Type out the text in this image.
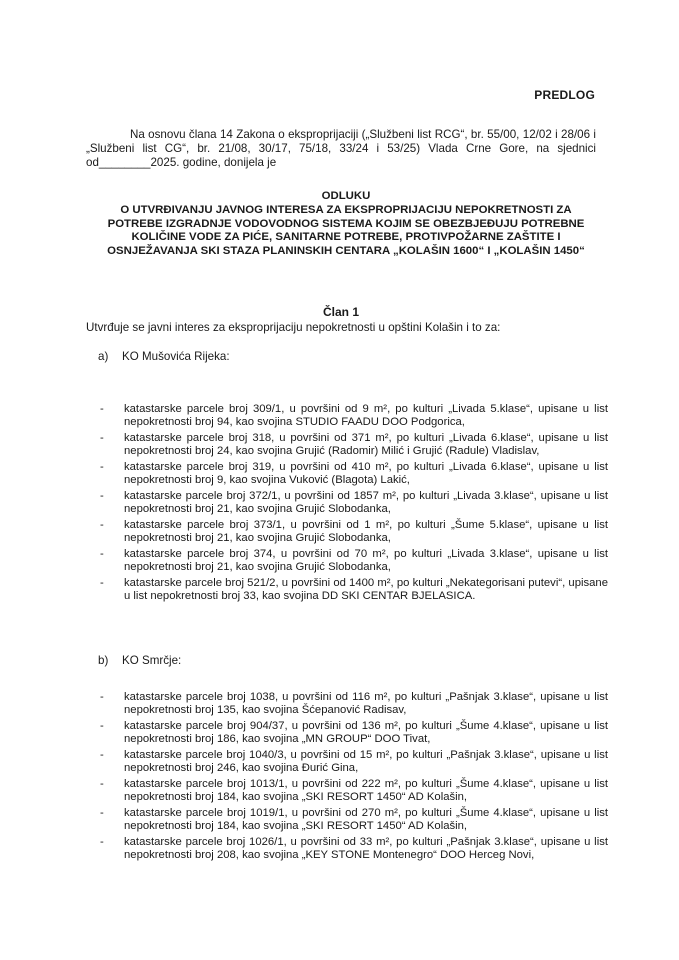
PREDLOG

Na osnovu člana 14 Zakona o eksproprijaciji („Službeni list RCG“, br. 55/00, 12/02 i 28/06 i „Službeni list CG“, br. 21/08, 30/17, 75/18, 33/24 i 53/25) Vlada Crne Gore, na sjednici od________2025. godine, donijela je

ODLUKU
O UTVRĐIVANJU JAVNOG INTERESA ZA EKSPROPRIJACIJU NEPOKRETNOSTI ZA POTREBE IZGRADNJE VODOVODNOG SISTEMA KOJIM SE OBEZBJEĐUJU POTREBNE KOLIČINE VODE ZA PIĆE, SANITARNE POTREBE, PROTIVPOŽARNE ZAŠTITE I OSNJEŽAVANJA SKI STAZA PLANINSKIH CENTARA „KOLAŠIN 1600“ I „KOLAŠIN 1450“
Član 1
Utvrđuje se javni interes za eksproprijaciju nepokretnosti u opštini Kolašin i to za:
a) KO Mušovića Rijeka:
- katastarske parcele broj 309/1, u površini od 9 m², po kulturi „Livada 5.klase“, upisane u list nepokretnosti broj 94, kao svojina STUDIO FAADU DOO Podgorica,
- katastarske parcele broj 318, u površini od 371 m², po kulturi „Livada 6.klase“, upisane u list nepokretnosti broj 24, kao svojina Grujić (Radomir) Milić i Grujić (Radule) Vladislav,
- katastarske parcele broj 319, u površini od 410 m², po kulturi „Livada 6.klase“, upisane u list nepokretnosti broj 9, kao svojina Vuković (Blagota) Lakić,
- katastarske parcele broj 372/1, u površini od 1857 m², po kulturi „Livada 3.klase“, upisane u list nepokretnosti broj 21, kao svojina Grujić Slobodanka,
- katastarske parcele broj 373/1, u površini od 1 m², po kulturi „Šume 5.klase“, upisane u list nepokretnosti broj 21, kao svojina Grujić Slobodanka,
- katastarske parcele broj 374, u površini od 70 m², po kulturi „Livada 3.klase“, upisane u list nepokretnosti broj 21, kao svojina Grujić Slobodanka,
- katastarske parcele broj 521/2, u površini od 1400 m², po kulturi „Nekategorisani putevi“, upisane u list nepokretnosti broj 33, kao svojina DD SKI CENTAR BJELASICA.
b) KO Smrčje:
- katastarske parcele broj 1038, u površini od 116 m², po kulturi „Pašnjak 3.klase“, upisane u list nepokretnosti broj 135, kao svojina Šćepanović Radisav,
- katastarske parcele broj 904/37, u površini od 136 m², po kulturi „Šume 4.klase“, upisane u list nepokretnosti broj 186, kao svojina „MN GROUP“ DOO Tivat,
- katastarske parcele broj 1040/3, u površini od 15 m², po kulturi „Pašnjak 3.klase“, upisane u list nepokretnosti broj 246, kao svojina Đurić Gina,
- katastarske parcele broj 1013/1, u površini od 222 m², po kulturi „Šume 4.klase“, upisane u list nepokretnosti broj 184, kao svojina „SKI RESORT 1450“ AD Kolašin,
- katastarske parcele broj 1019/1, u površini od 270 m², po kulturi „Šume 4.klase“, upisane u list nepokretnosti broj 184, kao svojina „SKI RESORT 1450“ AD Kolašin,
- katastarske parcele broj 1026/1, u površini od 33 m², po kulturi „Pašnjak 3.klase“, upisane u list nepokretnosti broj 208, kao svojina „KEY STONE Montenegro“ DOO Herceg Novi,
